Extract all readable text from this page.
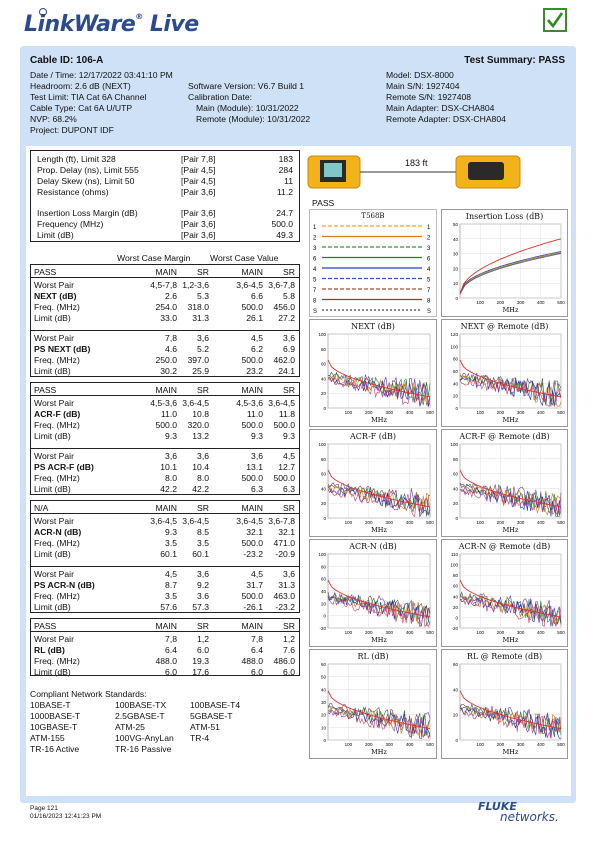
LinkWare® Live
Cable ID: 106-A	Test Summary: PASS
Date / Time: 12/17/2022 03:41:10 PM
Headroom: 2.6 dB (NEXT)
Test Limit: TIA Cat 6A Channel
Cable Type: Cat 6A U/UTP
NVP: 68.2%
Project: DUPONT IDF
Software Version: V6.7 Build 1
Calibration Date:
Main (Module): 10/31/2022
Remote (Module): 10/31/2022
Model: DSX-8000
Main S/N: 1927404
Remote S/N: 1927408
Main Adapter: DSX-CHA804
Remote Adapter: DSX-CHA804
Length (ft), Limit 328	[Pair 7,8]	183
Prop. Delay (ns), Limit 555	[Pair 4,5]	284
Delay Skew (ns), Limit 50	[Pair 4,5]	11
Resistance (ohms)	[Pair 3,6]	11.2
Insertion Loss Margin (dB)	[Pair 3,6]	24.7
Frequency (MHz)	[Pair 3,6]	500.0
Limit (dB)	[Pair 3,6]	49.3
183 ft
PASS
T568B
1	1
2	2
3	3
6	6
4	4
5	5
7	7
8	8
S	S
Insertion Loss (dB)
50
40
30
20
10
0
100	200	300	400	500
MHz
NEXT (dB)
100
80
60
40
20
0
100	200	300	400	500
MHz
NEXT @ Remote (dB)
120
100
80
60
40
20
0
100	200	300	400	500
MHz
ACR-F (dB)
100
80
60
40
20
0
100	200	300	400	500
MHz
ACR-F @ Remote (dB)
100
80
60
40
20
0
100	200	300	400	500
MHz
ACR-N (dB)
100
80
60
40
20
0
-20
100	200	300	400	500
MHz
ACR-N @ Remote (dB)
110
100
80
60
40
20
0
-20
100	200	300	400	500
MHz
RL (dB)
60
50
40
30
20
10
0
100	200	300	400	500
MHz
RL @ Remote (dB)
60
40
20
0
100	200	300	400	500
MHz
Worst Case Margin Worst Case Value
PASS	MAIN SR	MAIN SR
Worst Pair	4,5-7,8 1,2-3,6	3,6-4,5 3,6-7,8
NEXT (dB)	2.6 5.3	6.6 5.8
Freq. (MHz)	254.0 318.0	500.0 456.0
Limit (dB)	33.0 31.3	26.1 27.2
Worst Pair	7,8 3,6	4,5 3,6
PS NEXT (dB)	4.6 5.2	6.2 6.9
Freq. (MHz)	250.0 397.0	500.0 462.0
Limit (dB)	30.2 25.9	23.2 24.1
PASS	MAIN SR	MAIN SR
Worst Pair	4,5-3,6 3,6-4,5	4,5-3,6 3,6-4,5
ACR-F (dB)	11.0 10.8	11.0 11.8
Freq. (MHz)	500.0 320.0	500.0 500.0
Limit (dB)	9.3 13.2	9.3 9.3
Worst Pair	3,6 3,6	3,6 4,5
PS ACR-F (dB)	10.1 10.4	13.1 12.7
Freq. (MHz)	8.0 8.0	500.0 500.0
Limit (dB)	42.2 42.2	6.3 6.3
N/A	MAIN SR	MAIN SR
Worst Pair	3,6-4,5 3,6-4,5	3,6-4,5 3,6-7,8
ACR-N (dB)	9.3 8.5	32.1 32.1
Freq. (MHz)	3.5 3.5	500.0 471.0
Limit (dB)	60.1 60.1	-23.2 -20.9
Worst Pair	4,5 3,6	4,5 3,6
PS ACR-N (dB)	8.7 9.2	31.7 31.3
Freq. (MHz)	3.5 3.6	500.0 463.0
Limit (dB)	57.6 57.3	-26.1 -23.2
PASS	MAIN SR	MAIN SR
Worst Pair	7,8 1,2	7,8 1,2
RL (dB)	6.4 6.0	6.4 7.6
Freq. (MHz)	488.0 19.3	488.0 486.0
Limit (dB)	6.0 17.6	6.0 6.0
Compliant Network Standards:
10BASE-T	100BASE-TX	100BASE-T4
1000BASE-T	2.5GBASE-T	5GBASE-T
10GBASE-T	ATM-25	ATM-51
ATM-155	100VG-AnyLan TR-4
TR-16 Active	TR-16 Passive
Page 121
01/16/2023 12:41:23 PM
FLUKE
networks.
